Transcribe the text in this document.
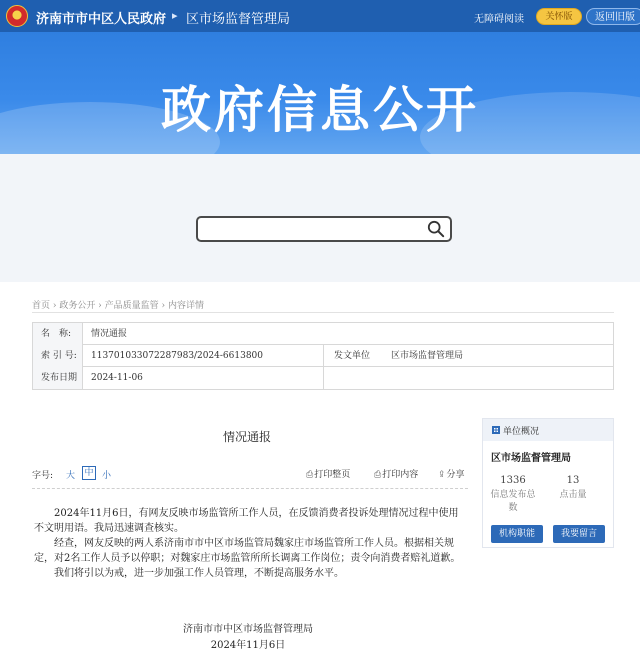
济南市市中区人民政府 ▸ 区市场监督管理局	无障碍阅读	关怀版	返回旧版
政府信息公开
首页 › 政务公开 › 产品质量监管 › 内容详情
名　称:	情况通报
索 引 号:	11370103307228798З/2024-6613800	发文单位	区市场监督管理局
发布日期	2024-11-06
情况通报
字号: 大 中 小	⎙打印整页	⎙打印内容 ⇪分享

2024年11月6日，有网友反映市场监管所工作人员，在反馈消费者投诉处理情况过程中使用不文明用语。我局迅速调查核实。

经查，网友反映的两人系济南市市中区市场监管局魏家庄市场监管所工作人员。根据相关规定，对2名工作人员予以停职；对魏家庄市场监管所所长调离工作岗位；责令向消费者赔礼道歉。

我们将引以为戒，进一步加强工作人员管理，不断提高服务水平。

济南市市中区市场监督管理局
2024年11月6日
单位概况
区市场监督管理局
1336
信息发布总数
13
点击量
机构职能	我要留言
